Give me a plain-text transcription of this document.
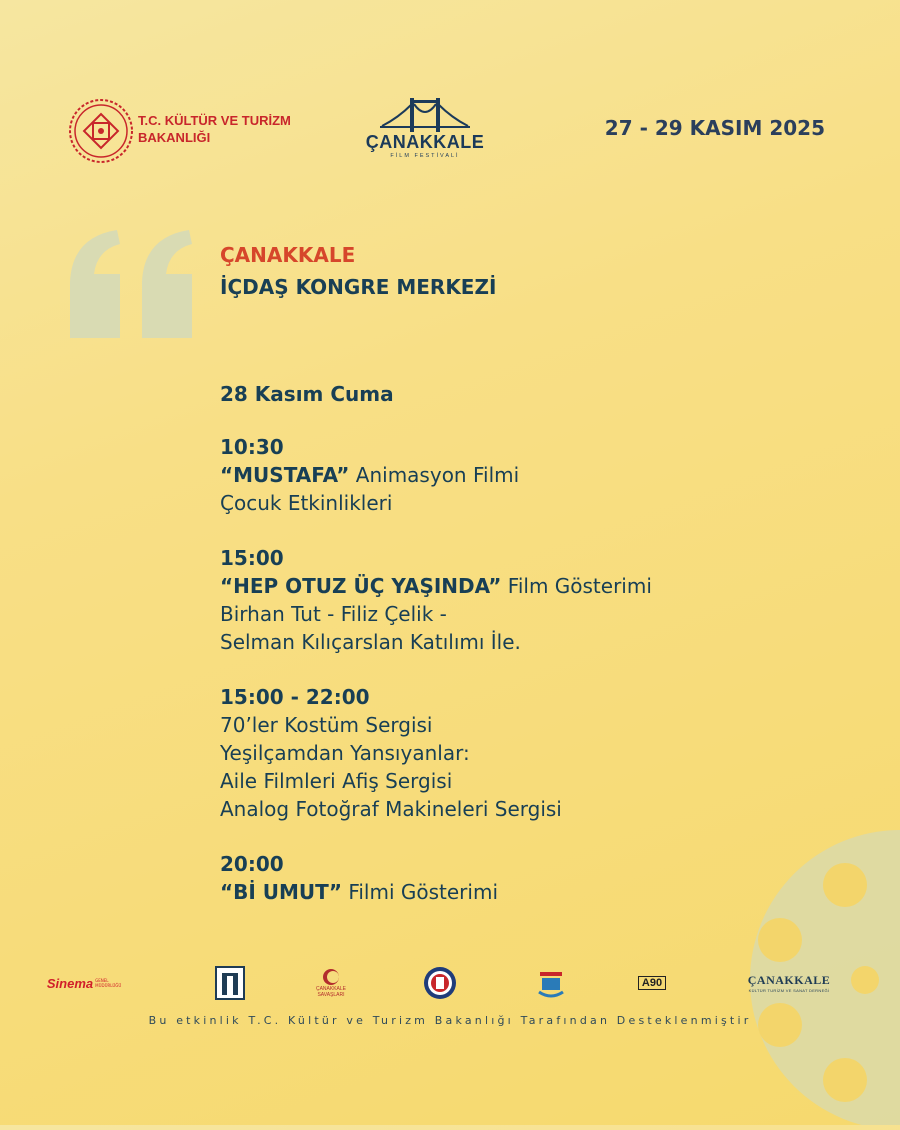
T.C. KÜLTÜR VE TURİZM
BAKANLIĞI	ÇANAKKALE
FİLM FESTİVALİ
27 - 29 KASIM 2025
ÇANAKKALE
İÇDAŞ KONGRE MERKEZİ
28 Kasım Cuma
10:30
“MUSTAFA” Animasyon Filmi
Çocuk Etkinlikleri
15:00
“HEP OTUZ ÜÇ YAŞINDA” Film Gösterimi
Birhan Tut - Filiz Çelik -
Selman Kılıçarslan Katılımı İle.
15:00 - 22:00
70’ler Kostüm Sergisi
Yeşilçamdan Yansıyanlar:
Aile Filmleri Afiş Sergisi
Analog Fotoğraf Makineleri Sergisi
20:00
“Bİ UMUT” Filmi Gösterimi
Sinema GENEL MÜDÜRLÜĞÜ
ÇANAKKALE
SAVAŞLARI
A90	ÇANAKKALE
KÜLTÜR TURİZM VE SANAT DERNEĞİ
Bu etkinlik T.C. Kültür ve Turizm Bakanlığı Tarafından Desteklenmiştir
